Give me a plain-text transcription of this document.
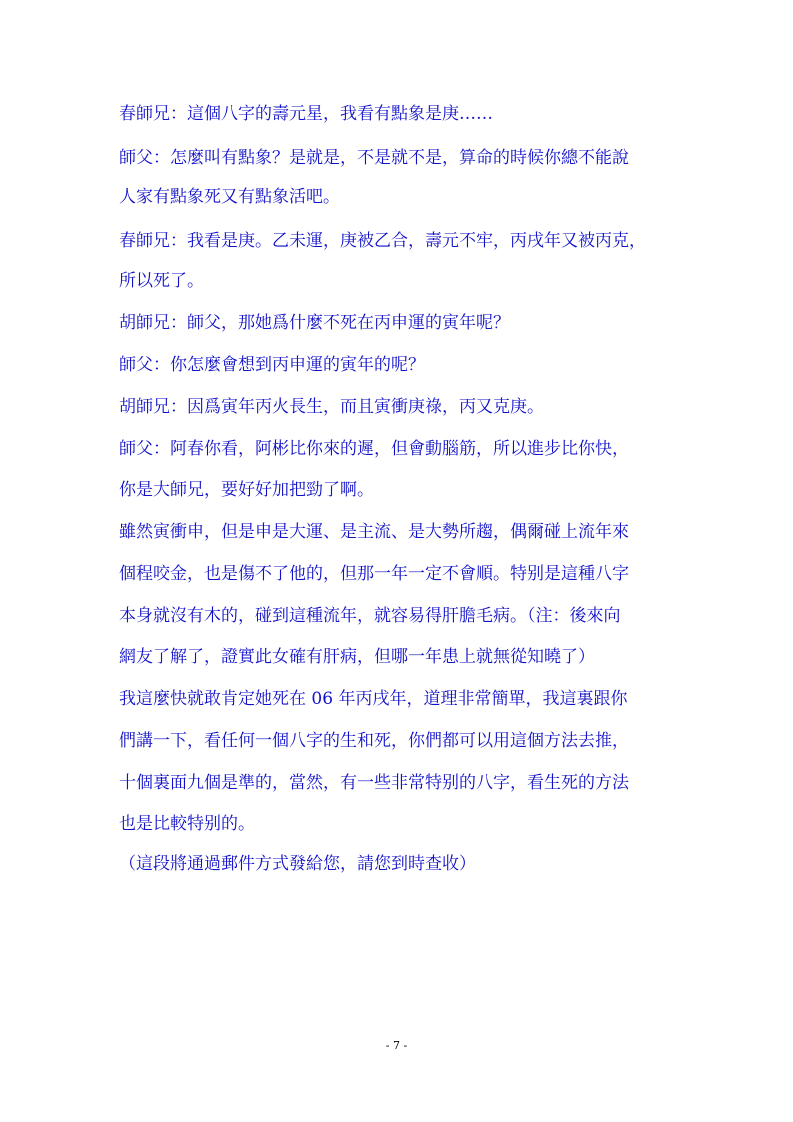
春師兄：這個八字的壽元星，我看有點象是庚……
師父：怎麼叫有點象？是就是，不是就不是，算命的時候你總不能說
人家有點象死又有點象活吧。
春師兄：我看是庚。乙未運，庚被乙合，壽元不牢，丙戌年又被丙克，
所以死了。
胡師兄：師父，那她爲什麼不死在丙申運的寅年呢？
師父：你怎麼會想到丙申運的寅年的呢？
胡師兄：因爲寅年丙火長生，而且寅衝庚祿，丙又克庚。
師父：阿春你看，阿彬比你來的遲，但會動腦筋，所以進步比你快，
你是大師兄，要好好加把勁了啊。
雖然寅衝申，但是申是大運、是主流、是大勢所趨，偶爾碰上流年來
個程咬金，也是傷不了他的，但那一年一定不會順。特别是這種八字
本身就沒有木的，碰到這種流年，就容易得肝膽毛病。（注：後來向
網友了解了，證實此女確有肝病，但哪一年患上就無從知曉了）
我這麼快就敢肯定她死在 06 年丙戌年，道理非常簡單，我這裏跟你
們講一下，看任何一個八字的生和死，你們都可以用這個方法去推，
十個裏面九個是準的，當然，有一些非常特别的八字，看生死的方法
也是比較特别的。
（這段將通過郵件方式發給您，請您到時查收）
- 7 -
